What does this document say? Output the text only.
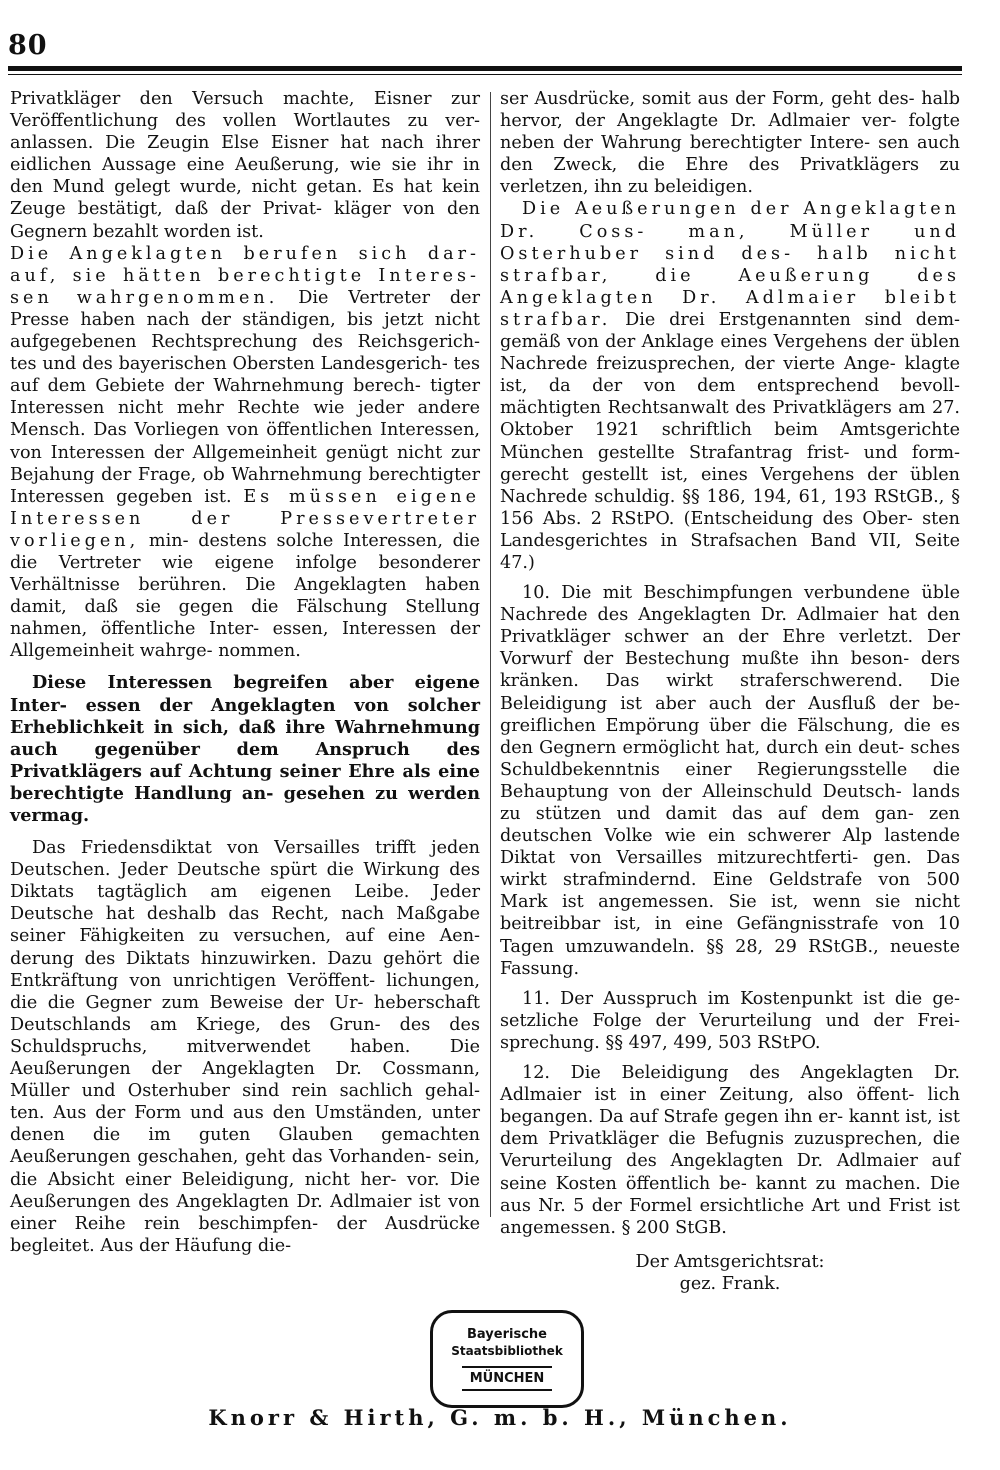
80

Privatkläger den Versuch machte, Eisner zur Veröffentlichung des vollen Wortlautes zu ver- anlassen. Die Zeugin Else Eisner hat nach ihrer eidlichen Aussage eine Aeußerung, wie sie ihr in den Mund gelegt wurde, nicht getan. Es hat kein Zeuge bestätigt, daß der Privat- kläger von den Gegnern bezahlt worden ist.

Die Angeklagten berufen sich dar- auf, sie hätten berechtigte Interes- sen wahrgenommen. Die Vertreter der Presse haben nach der ständigen, bis jetzt nicht aufgegebenen Rechtsprechung des Reichsgerich- tes und des bayerischen Obersten Landesgerich- tes auf dem Gebiete der Wahrnehmung berech- tigter Interessen nicht mehr Rechte wie jeder andere Mensch. Das Vorliegen von öffentlichen Interessen, von Interessen der Allgemeinheit genügt nicht zur Bejahung der Frage, ob Wahrnehmung berechtigter Interessen gegeben ist. Es müssen eigene Interessen der Pressevertreter vorliegen, min- destens solche Interessen, die die Vertreter wie eigene infolge besonderer Verhältnisse berühren. Die Angeklagten haben damit, daß sie gegen die Fälschung Stellung nahmen, öffentliche Inter- essen, Interessen der Allgemeinheit wahrge- nommen.

Diese Interessen begreifen aber eigene Inter- essen der Angeklagten von solcher Erheblichkeit in sich, daß ihre Wahrnehmung auch gegenüber dem Anspruch des Privatklägers auf Achtung seiner Ehre als eine berechtigte Handlung an- gesehen zu werden vermag.

Das Friedensdiktat von Versailles trifft jeden Deutschen. Jeder Deutsche spürt die Wirkung des Diktats tagtäglich am eigenen Leibe. Jeder Deutsche hat deshalb das Recht, nach Maßgabe seiner Fähigkeiten zu versuchen, auf eine Aen- derung des Diktats hinzuwirken. Dazu gehört die Entkräftung von unrichtigen Veröffent- lichungen, die die Gegner zum Beweise der Ur- heberschaft Deutschlands am Kriege, des Grun- des des Schuldspruchs, mitverwendet haben. Die Aeußerungen der Angeklagten Dr. Cossmann, Müller und Osterhuber sind rein sachlich gehal- ten. Aus der Form und aus den Umständen, unter denen die im guten Glauben gemachten Aeußerungen geschahen, geht das Vorhanden- sein, die Absicht einer Beleidigung, nicht her- vor. Die Aeußerungen des Angeklagten Dr. Adlmaier ist von einer Reihe rein beschimpfen- der Ausdrücke begleitet. Aus der Häufung die-

ser Ausdrücke, somit aus der Form, geht des- halb hervor, der Angeklagte Dr. Adlmaier ver- folgte neben der Wahrung berechtigter Intere- sen auch den Zweck, die Ehre des Privatklägers zu verletzen, ihn zu beleidigen.

Die Aeußerungen der Angeklagten Dr. Coss- man, Müller und Osterhuber sind des- halb nicht strafbar, die Aeußerung des Angeklagten Dr. Adlmaier bleibt strafbar. Die drei Erstgenannten sind dem- gemäß von der Anklage eines Vergehens der üblen Nachrede freizusprechen, der vierte Ange- klagte ist, da der von dem entsprechend bevoll- mächtigten Rechtsanwalt des Privatklägers am 27. Oktober 1921 schriftlich beim Amtsgerichte München gestellte Strafantrag frist- und form- gerecht gestellt ist, eines Vergehens der üblen Nachrede schuldig. §§ 186, 194, 61, 193 RStGB., § 156 Abs. 2 RStPO. (Entscheidung des Ober- sten Landesgerichtes in Strafsachen Band VII, Seite 47.)

10. Die mit Beschimpfungen verbundene üble Nachrede des Angeklagten Dr. Adlmaier hat den Privatkläger schwer an der Ehre verletzt. Der Vorwurf der Bestechung mußte ihn beson- ders kränken. Das wirkt straferschwerend. Die Beleidigung ist aber auch der Ausfluß der be- greiflichen Empörung über die Fälschung, die es den Gegnern ermöglicht hat, durch ein deut- sches Schuldbekenntnis einer Regierungsstelle die Behauptung von der Alleinschuld Deutsch- lands zu stützen und damit das auf dem gan- zen deutschen Volke wie ein schwerer Alp lastende Diktat von Versailles mitzurechtferti- gen. Das wirkt strafmindernd. Eine Geldstrafe von 500 Mark ist angemessen. Sie ist, wenn sie nicht beitreibbar ist, in eine Gefängnisstrafe von 10 Tagen umzuwandeln. §§ 28, 29 RStGB., neueste Fassung.

11. Der Ausspruch im Kostenpunkt ist die ge- setzliche Folge der Verurteilung und der Frei- sprechung. §§ 497, 499, 503 RStPO.

12. Die Beleidigung des Angeklagten Dr. Adlmaier ist in einer Zeitung, also öffent- lich begangen. Da auf Strafe gegen ihn er- kannt ist, ist dem Privatkläger die Befugnis zuzusprechen, die Verurteilung des Angeklagten Dr. Adlmaier auf seine Kosten öffentlich be- kannt zu machen. Die aus Nr. 5 der Formel ersichtliche Art und Frist ist angemessen. § 200 StGB.

Der Amtsgerichtsrat:

gez. Frank.

Bayerische
Staatsbibliothek
MÜNCHEN
Knorr & Hirth, G. m. b. H., München.
